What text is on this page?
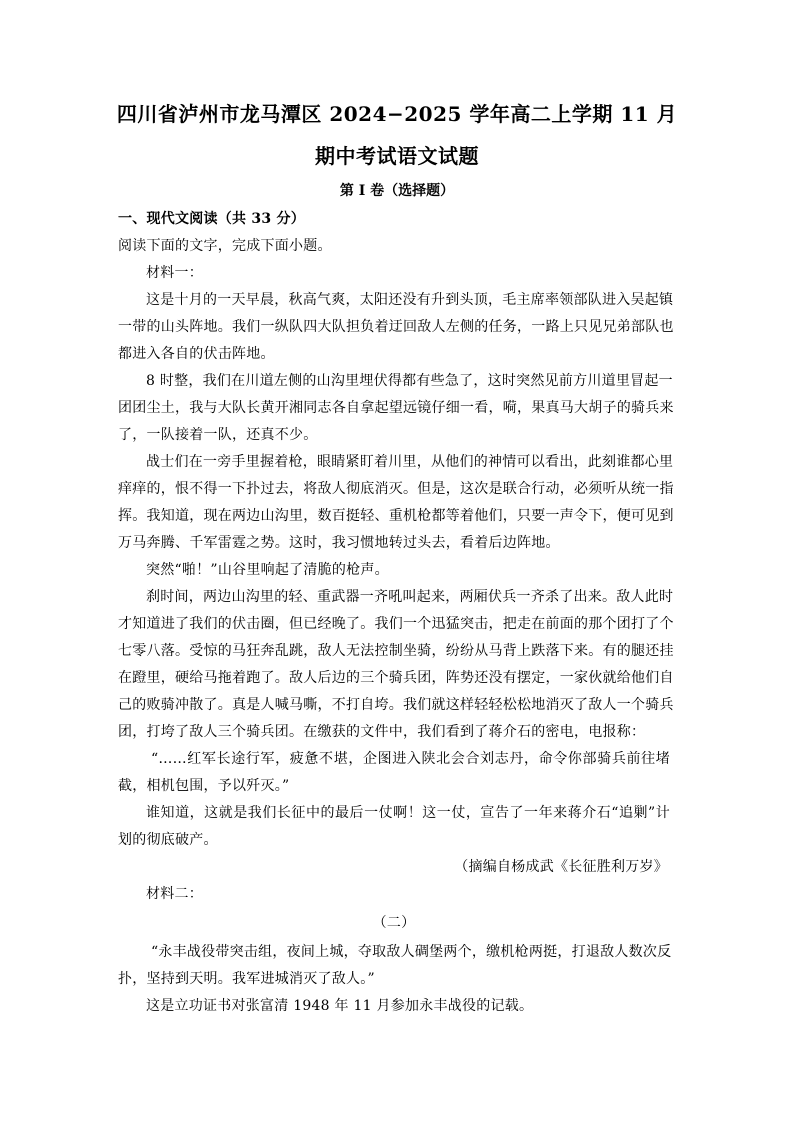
四川省泸州市龙马潭区 2024−2025 学年高二上学期 11 月
期中考试语文试题
第 I 卷（选择题）
一、现代文阅读（共 33 分）
阅读下面的文字，完成下面小题。
材料一：
这是十月的一天早晨，秋高气爽，太阳还没有升到头顶，毛主席率领部队进入吴起镇
一带的山头阵地。我们一纵队四大队担负着迂回敌人左侧的任务，一路上只见兄弟部队也
都进入各自的伏击阵地。
8 时整，我们在川道左侧的山沟里埋伏得都有些急了，这时突然见前方川道里冒起一
团团尘土，我与大队长黄开湘同志各自拿起望远镜仔细一看，嗬，果真马大胡子的骑兵来
了，一队接着一队，还真不少。
战士们在一旁手里握着枪，眼睛紧盯着川里，从他们的神情可以看出，此刻谁都心里
痒痒的，恨不得一下扑过去，将敌人彻底消灭。但是，这次是联合行动，必须听从统一指
挥。我知道，现在两边山沟里，数百挺轻、重机枪都等着他们，只要一声令下，便可见到
万马奔腾、千军雷霆之势。这时，我习惯地转过头去，看着后边阵地。
突然“啪！”山谷里响起了清脆的枪声。
刹时间，两边山沟里的轻、重武器一齐吼叫起来，两厢伏兵一齐杀了出来。敌人此时
才知道进了我们的伏击圈，但已经晚了。我们一个迅猛突击，把走在前面的那个团打了个
七零八落。受惊的马狂奔乱跳，敌人无法控制坐骑，纷纷从马背上跌落下来。有的腿还挂
在蹬里，硬给马拖着跑了。敌人后边的三个骑兵团，阵势还没有摆定，一家伙就给他们自
己的败骑冲散了。真是人喊马嘶，不打自垮。我们就这样轻轻松松地消灭了敌人一个骑兵
团，打垮了敌人三个骑兵团。在缴获的文件中，我们看到了蒋介石的密电，电报称：
“……红军长途行军，疲惫不堪，企图进入陕北会合刘志丹，命令你部骑兵前往堵
截，相机包围，予以歼灭。”
谁知道，这就是我们长征中的最后一仗啊！这一仗，宣告了一年来蒋介石“追剿”计
划的彻底破产。
（摘编自杨成武《长征胜利万岁》
材料二：
（二）
“永丰战役带突击组，夜间上城，夺取敌人碉堡两个，缴机枪两挺，打退敌人数次反
扑，坚持到天明。我军进城消灭了敌人。”
这是立功证书对张富清 1948 年 11 月参加永丰战役的记载。
